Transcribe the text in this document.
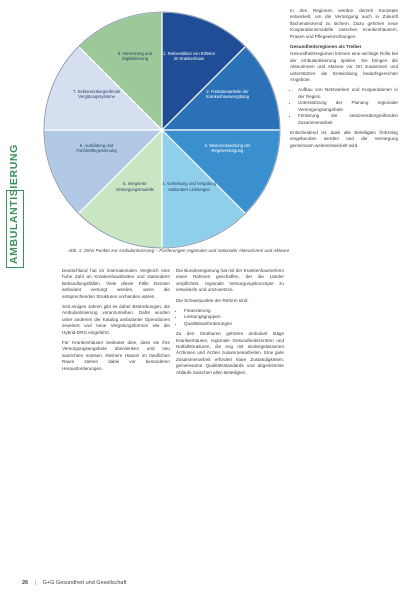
AMBULANTISIERUNG
1. Reinvestition von Erlösen im Krankenhaus
2. Fixkostenanteile der Krankenhausvergütung
3. Weiterentwicklung der Regelversorgung
4. Vorleistung und Vergütung stationärer Leistungen
5. Integrierte Versorgungsmodelle
6. Ausbildung und Fachkräftegewinnung
7. Sektorenübergreifende Vergütungssysteme
8. Vernetzung und Digitalisierung
Abb. 1: Zehn Punkte zur Ambulantisierung – Forderungen regionaler und nationaler Akteurinnen und Akteure

Deutschland hat im internationalen Vergleich eine hohe Zahl an Krankenhausbetten und stationären Behandlungsfällen. Viele dieser Fälle könnten ambulant versorgt werden, wenn die entsprechenden Strukturen vorhanden wären.

Seit einigen Jahren gibt es daher Bestrebungen, die Ambulantisierung voranzutreiben. Dafür wurden unter anderem der Katalog ambulanter Operationen erweitert und neue Vergütungsformen wie die Hybrid-DRG eingeführt.

Für Krankenhäuser bedeutet dies, dass sie ihre Versorgungsangebote überdenken und neu ausrichten müssen. Kleinere Häuser im ländlichen Raum stehen dabei vor besonderen Herausforderungen.

Die Bundesregierung hat mit der Krankenhausreform einen Rahmen geschaffen, der die Länder verpflichtet, regionale Versorgungskonzepte zu entwickeln und umzusetzen.

Die Schwerpunkte der Reform sind:

• Finanzierung
• Leistungsgruppen
• Qualitätsanforderungen

Zu den Strukturen gehören ambulant tätige Krankenhäuser, regionale Gesundheitszentren und Notfallstrukturen, die eng mit niedergelassenen Ärztinnen und Ärzten zusammenarbeiten. Eine gute Zusammenarbeit erfordert klare Zuständigkeiten, gemeinsame Qualitätsstandards und abgestimmte Abläufe zwischen allen Beteiligten.

In den Regionen werden derzeit Konzepte entwickelt, um die Versorgung auch in Zukunft flächendeckend zu sichern. Dazu gehören neue Kooperationsmodelle zwischen Krankenhäusern, Praxen und Pflegeeinrichtungen.

Gesundheitsregionen als Treiber

Gesundheitsregionen können eine wichtige Rolle bei der Ambulantisierung spielen. Sie bringen die Akteurinnen und Akteure vor Ort zusammen und unterstützen die Entwicklung bedarfsgerechter Angebote.

• Aufbau von Netzwerken und Kooperationen in der Region
• Unterstützung der Planung regionaler Versorgungsangebote
• Förderung der sektorenübergreifenden Zusammenarbeit

Entscheidend ist, dass alle Beteiligten frühzeitig eingebunden werden und die Versorgung gemeinsam weiterentwickelt wird.

26 | G+G Gesundheit und Gesellschaft
